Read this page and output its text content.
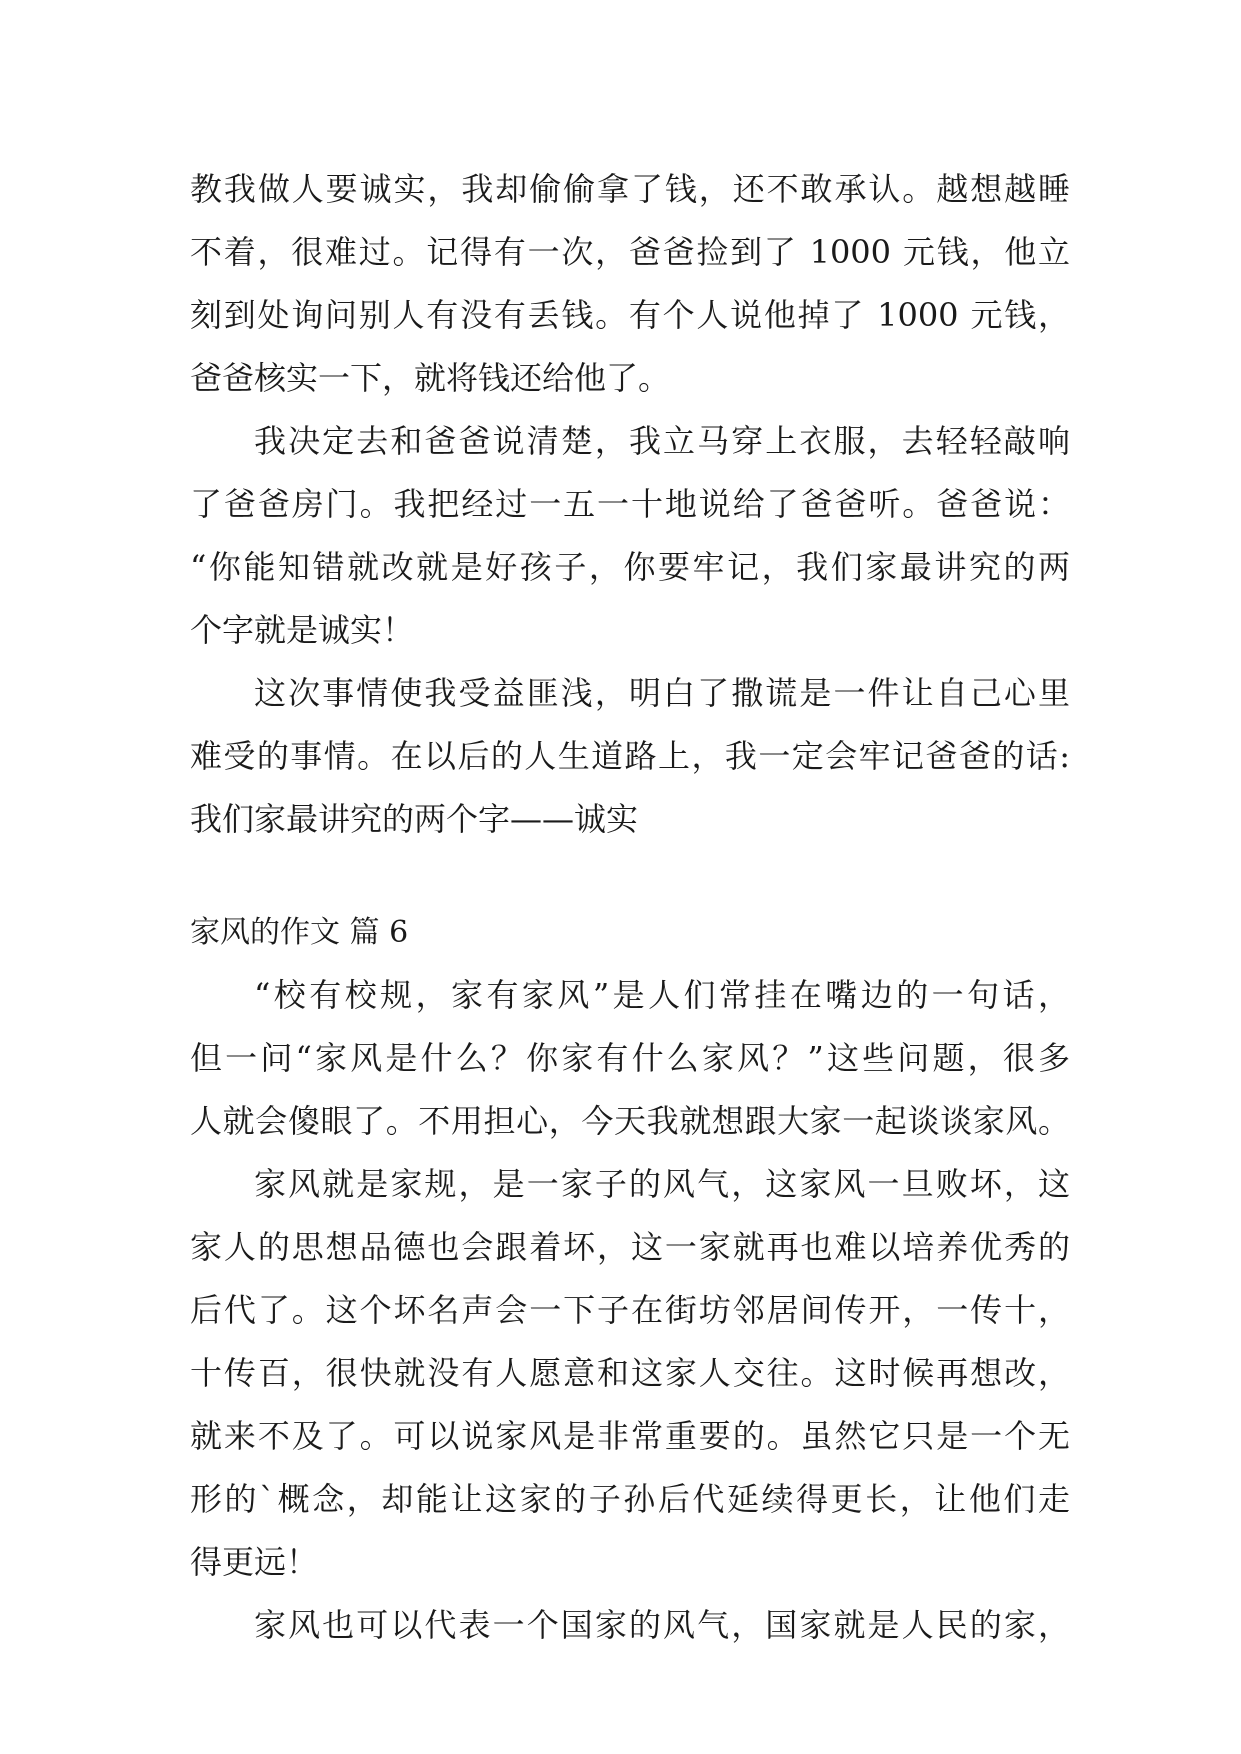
教我做人要诚实，我却偷偷拿了钱，还不敢承认。越想越睡
不着，很难过。记得有一次，爸爸捡到了 1000 元钱，他立
刻到处询问别人有没有丢钱。有个人说他掉了 1000 元钱，
爸爸核实一下，就将钱还给他了。
我决定去和爸爸说清楚，我立马穿上衣服，去轻轻敲响
了爸爸房门。我把经过一五一十地说给了爸爸听。爸爸说：
“你能知错就改就是好孩子，你要牢记，我们家最讲究的两
个字就是诚实！
这次事情使我受益匪浅，明白了撒谎是一件让自己心里
难受的事情。在以后的人生道路上，我一定会牢记爸爸的话:
我们家最讲究的两个字——诚实
家风的作文 篇 6
“校有校规，家有家风”是人们常挂在嘴边的一句话，
但一问“家风是什么？你家有什么家风？”这些问题，很多
人就会傻眼了。不用担心，今天我就想跟大家一起谈谈家风。
家风就是家规，是一家子的风气，这家风一旦败坏，这
家人的思想品德也会跟着坏，这一家就再也难以培养优秀的
后代了。这个坏名声会一下子在街坊邻居间传开，一传十，
十传百，很快就没有人愿意和这家人交往。这时候再想改，
就来不及了。可以说家风是非常重要的。虽然它只是一个无
形的`概念，却能让这家的子孙后代延续得更长，让他们走
得更远！
家风也可以代表一个国家的风气，国家就是人民的家，
